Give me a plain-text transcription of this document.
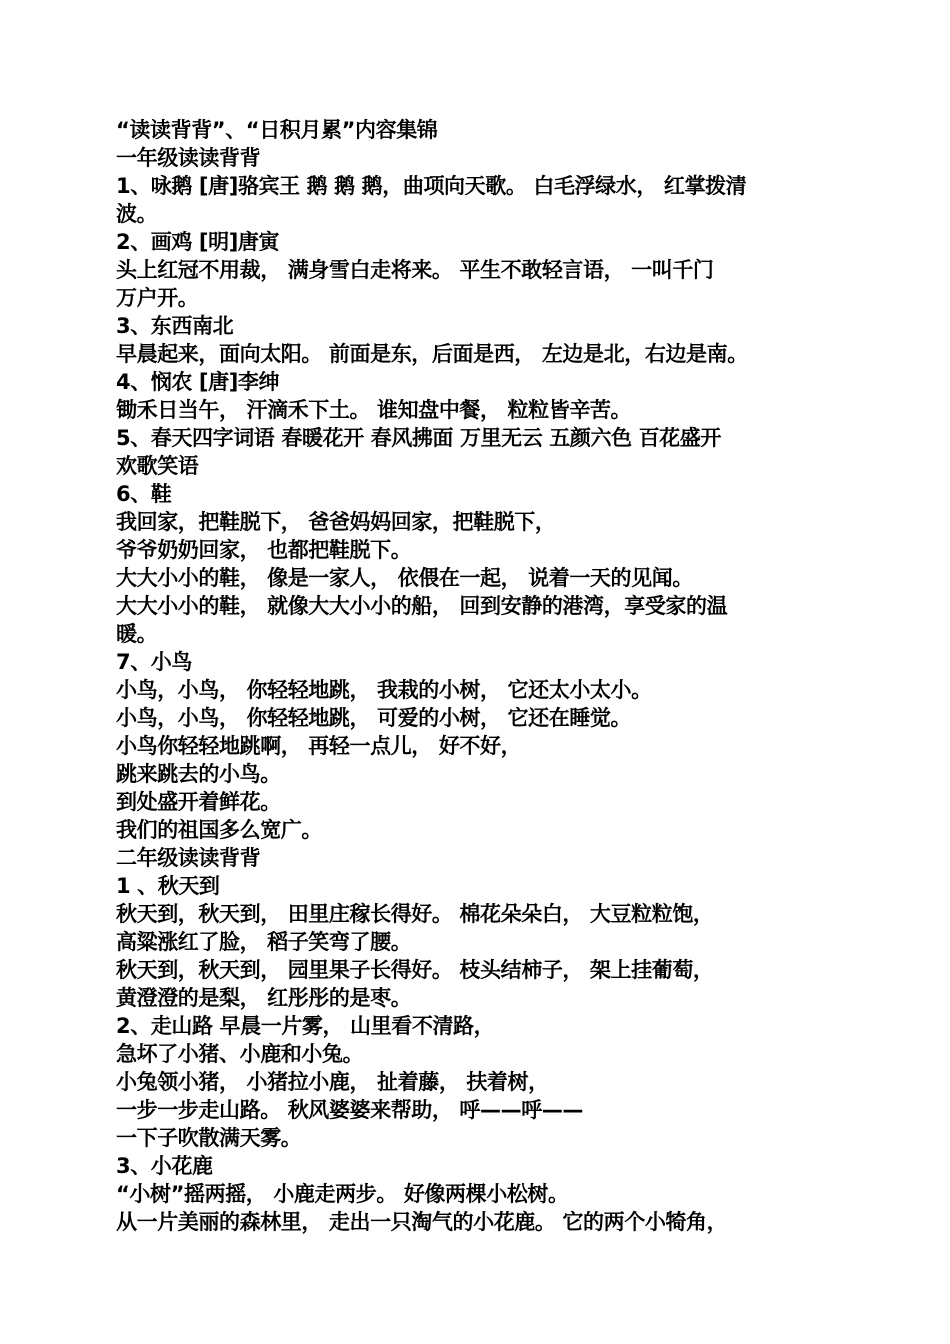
“读读背背”、“日积月累”内容集锦
一年级读读背背
1、咏鹅 [唐]骆宾王 鹅 鹅 鹅，曲项向天歌。 白毛浮绿水， 红掌拨清
波。
2、画鸡 [明]唐寅
头上红冠不用裁， 满身雪白走将来。 平生不敢轻言语， 一叫千门
万户开。
3、东西南北
早晨起来，面向太阳。 前面是东，后面是西， 左边是北，右边是南。
4、悯农 [唐]李绅
锄禾日当午， 汗滴禾下土。 谁知盘中餐， 粒粒皆辛苦。
5、春天四字词语 春暖花开 春风拂面 万里无云 五颜六色 百花盛开
欢歌笑语
6、鞋
我回家，把鞋脱下， 爸爸妈妈回家，把鞋脱下，
爷爷奶奶回家， 也都把鞋脱下。
大大小小的鞋， 像是一家人， 依偎在一起， 说着一天的见闻。
大大小小的鞋， 就像大大小小的船， 回到安静的港湾，享受家的温
暖。
7、小鸟
小鸟，小鸟， 你轻轻地跳， 我栽的小树， 它还太小太小。
小鸟，小鸟， 你轻轻地跳， 可爱的小树， 它还在睡觉。
小鸟你轻轻地跳啊， 再轻一点儿， 好不好，
跳来跳去的小鸟。
到处盛开着鲜花。
我们的祖国多么宽广。
二年级读读背背
1 、秋天到
秋天到，秋天到， 田里庄稼长得好。 棉花朵朵白， 大豆粒粒饱，
高粱涨红了脸， 稻子笑弯了腰。
秋天到，秋天到， 园里果子长得好。 枝头结柿子， 架上挂葡萄，
黄澄澄的是梨， 红彤彤的是枣。
2、走山路 早晨一片雾， 山里看不清路，
急坏了小猪、小鹿和小兔。
小兔领小猪， 小猪拉小鹿， 扯着藤， 扶着树，
一步一步走山路。 秋风婆婆来帮助， 呼——呼——
一下子吹散满天雾。
3、小花鹿
“小树”摇两摇， 小鹿走两步。 好像两棵小松树。
从一片美丽的森林里， 走出一只淘气的小花鹿。 它的两个小犄角，
